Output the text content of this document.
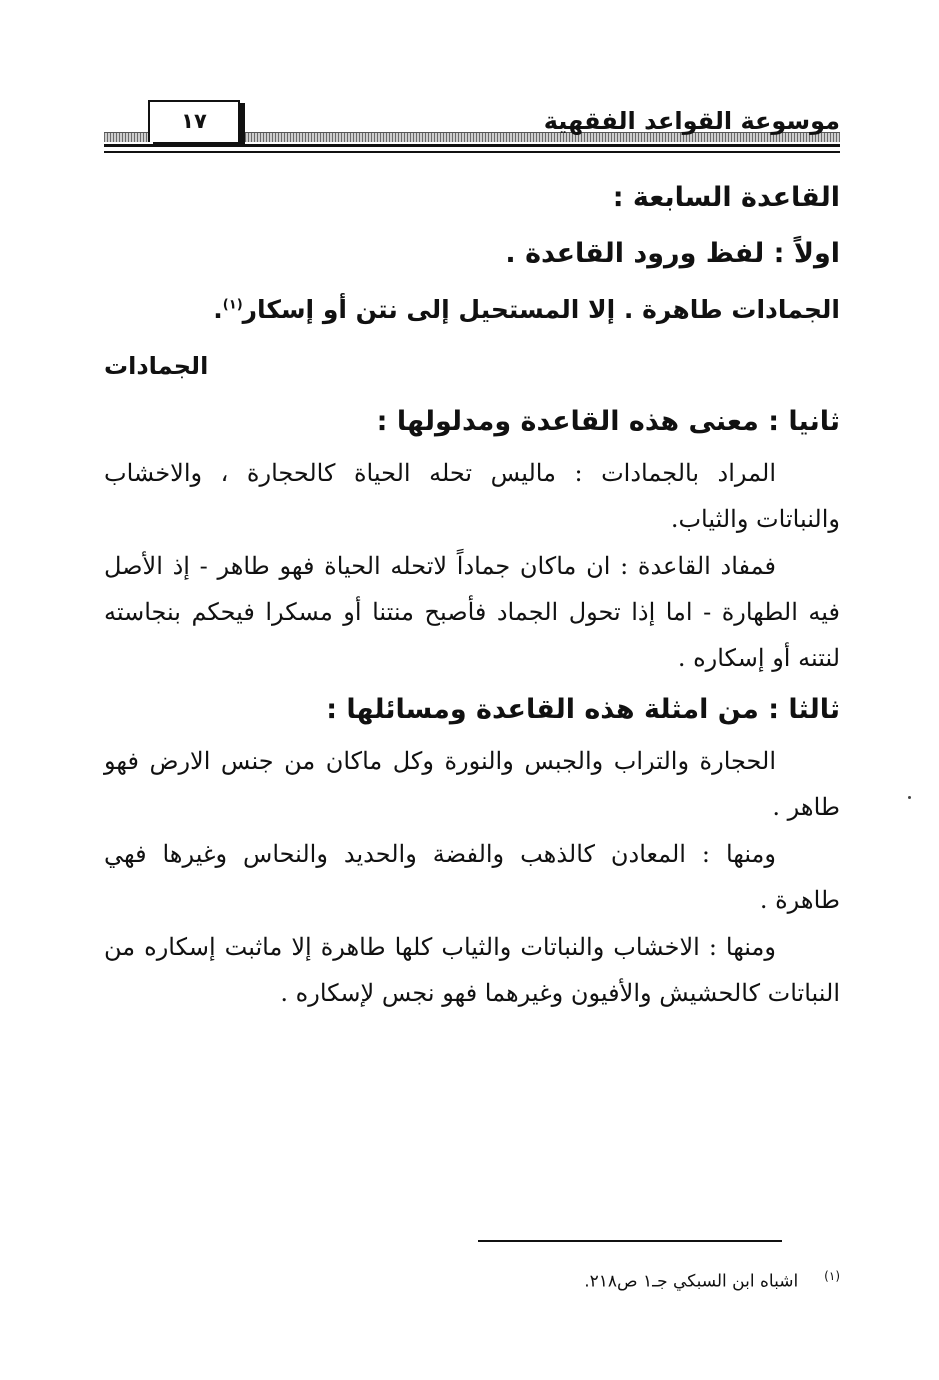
موسوعة القواعد الفقهية
١٧

القاعدة السابعة :

اولاً : لفظ ورود القاعدة .

الجمادات طاهرة . إلا المستحيل إلى نتن أو إسكار$^{(١)}$.

الجمادات

ثانيا : معنى هذه القاعدة ومدلولها :

المراد بالجمادات : ماليس تحله الحياة كالحجارة ، والاخشاب والنباتات والثياب.

فمفاد القاعدة : ان ماكان جماداً لاتحله الحياة فهو طاهر - إذ الأصل فيه الطهارة - اما إذا تحول الجماد فأصبح منتنا أو مسكرا فيحكم بنجاسته لنتنه أو إسكاره .

ثالثا : من امثلة هذه القاعدة ومسائلها :

الحجارة والتراب والجبس والنورة وكل ماكان من جنس الارض فهو طاهر .

ومنها : المعادن كالذهب والفضة والحديد والنحاس وغيرها فهي طاهرة .

ومنها : الاخشاب والنباتات والثياب كلها طاهرة إلا ماثبت إسكاره من النباتات كالحشيش والأفيون وغيرهما فهو نجس لإسكاره .

$^{(١)}$اشباه ابن السبكي جـ١ ص٢١٨.
